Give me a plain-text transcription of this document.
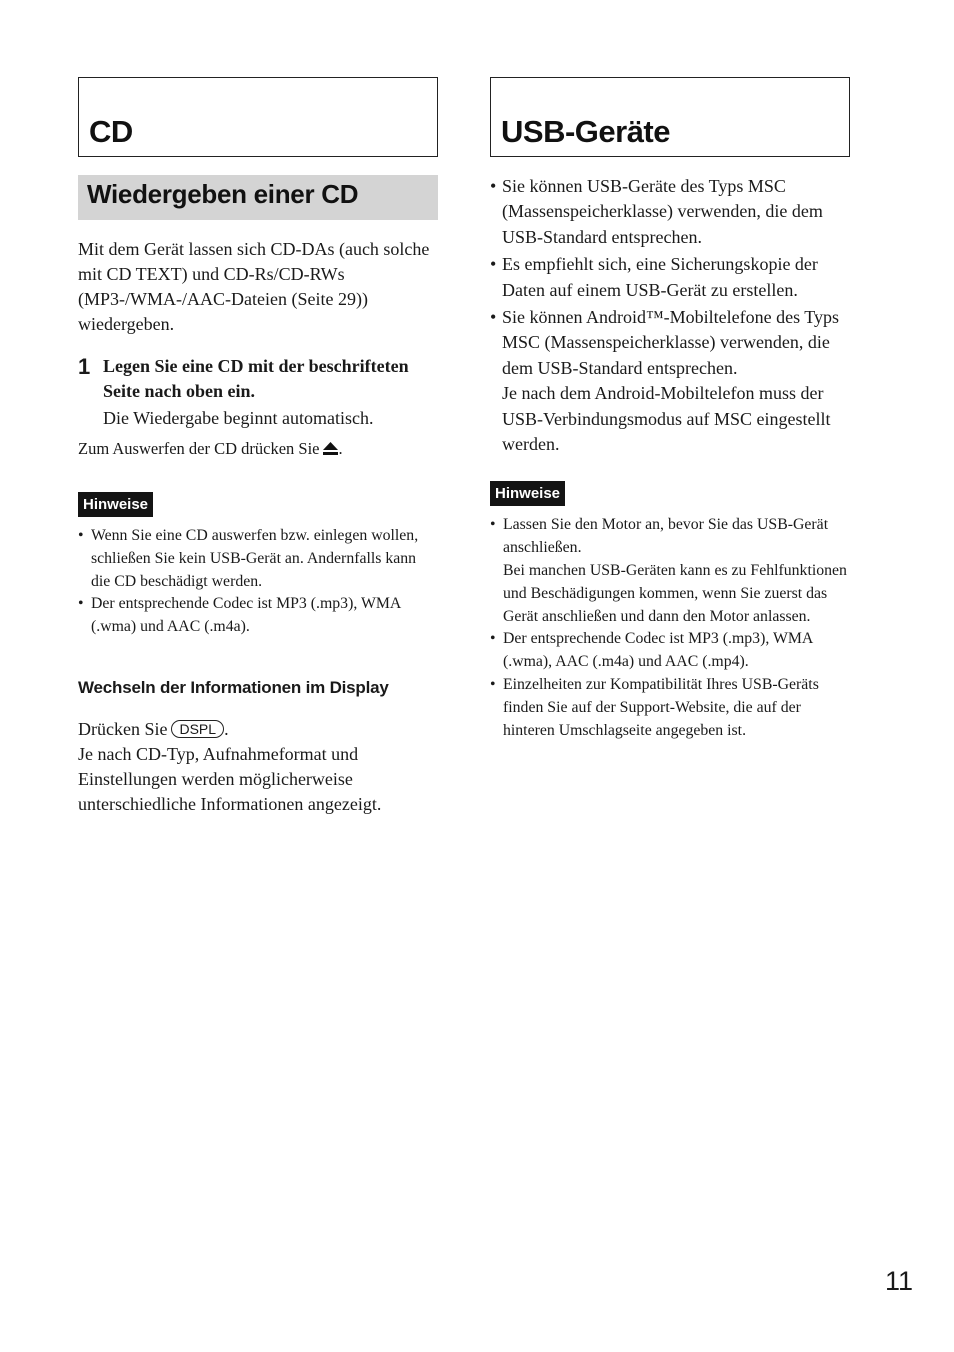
CD
Wiedergeben einer CD

Mit dem Gerät lassen sich CD-DAs (auch solche mit CD TEXT) und CD-Rs/CD-RWs (MP3-/WMA-/AAC-Dateien (Seite 29)) wiedergeben.

1 Legen Sie eine CD mit der beschrifteten Seite nach oben ein.

Die Wiedergabe beginnt automatisch.

Zum Auswerfen der CD drücken Sie .

Hinweise
• Wenn Sie eine CD auswerfen bzw. einlegen wollen, schließen Sie kein USB-Gerät an. Andernfalls kann die CD beschädigt werden.
• Der entsprechende Codec ist MP3 (.mp3), WMA (.wma) und AAC (.m4a).
Wechseln der Informationen im Display

Drücken Sie DSPL .

Je nach CD-Typ, Aufnahmeformat und Einstellungen werden möglicherweise unterschiedliche Informationen angezeigt.

USB-Geräte
• Sie können USB-Geräte des Typs MSC (Massenspeicherklasse) verwenden, die dem USB-Standard entsprechen.
• Es empfiehlt sich, eine Sicherungskopie der Daten auf einem USB-Gerät zu erstellen.
• Sie können Android™-Mobiltelefone des Typs MSC (Massenspeicherklasse) verwenden, die dem USB-Standard entsprechen.
Je nach dem Android-Mobiltelefon muss der USB-Verbindungsmodus auf MSC eingestellt werden.
Hinweise
• Lassen Sie den Motor an, bevor Sie das USB-Gerät anschließen.
Bei manchen USB-Geräten kann es zu Fehlfunktionen und Beschädigungen kommen, wenn Sie zuerst das Gerät anschließen und dann den Motor anlassen.
• Der entsprechende Codec ist MP3 (.mp3), WMA (.wma), AAC (.m4a) und AAC (.mp4).
• Einzelheiten zur Kompatibilität Ihres USB-Geräts finden Sie auf der Support-Website, die auf der hinteren Umschlagseite angegeben ist.
11
